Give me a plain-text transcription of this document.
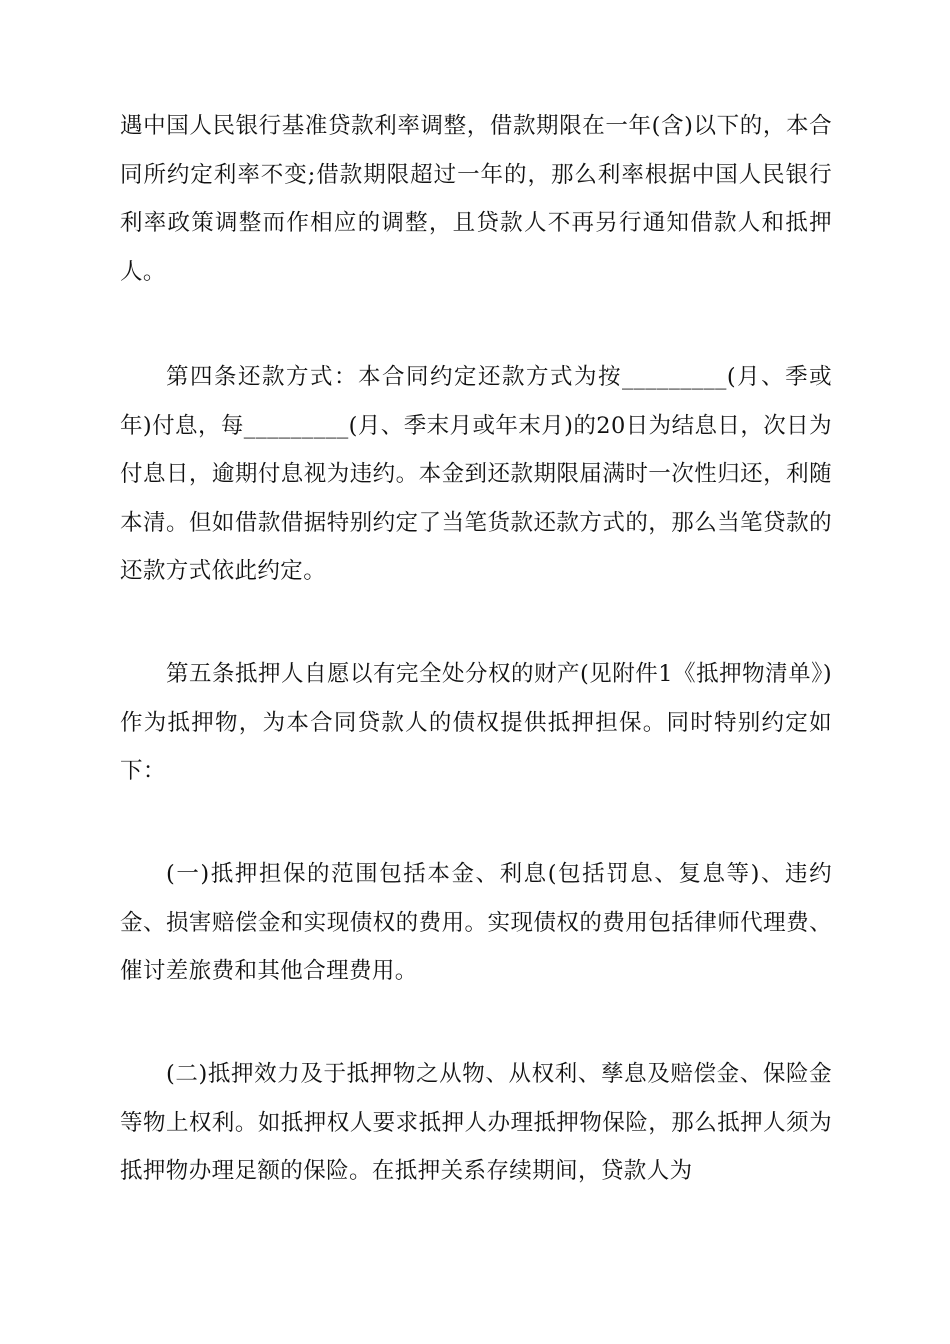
遇中国人民银行基准贷款利率调整，借款期限在一年(含)以下的，本合同所约定利率不变;借款期限超过一年的，那么利率根据中国人民银行利率政策调整而作相应的调整，且贷款人不再另行通知借款人和抵押人。

第四条还款方式：本合同约定还款方式为按_________(月、季或年)付息，每_________(月、季末月或年末月)的20日为结息日，次日为付息日，逾期付息视为违约。本金到还款期限届满时一次性归还，利随本清。但如借款借据特别约定了当笔货款还款方式的，那么当笔贷款的还款方式依此约定。

第五条抵押人自愿以有完全处分权的财产(见附件1《抵押物清单》)作为抵押物，为本合同贷款人的债权提供抵押担保。同时特别约定如下：

(一)抵押担保的范围包括本金、利息(包括罚息、复息等)、违约金、损害赔偿金和实现债权的费用。实现债权的费用包括律师代理费、催讨差旅费和其他合理费用。

(二)抵押效力及于抵押物之从物、从权利、孳息及赔偿金、保险金等物上权利。如抵押权人要求抵押人办理抵押物保险，那么抵押人须为抵押物办理足额的保险。在抵押关系存续期间，贷款人为
